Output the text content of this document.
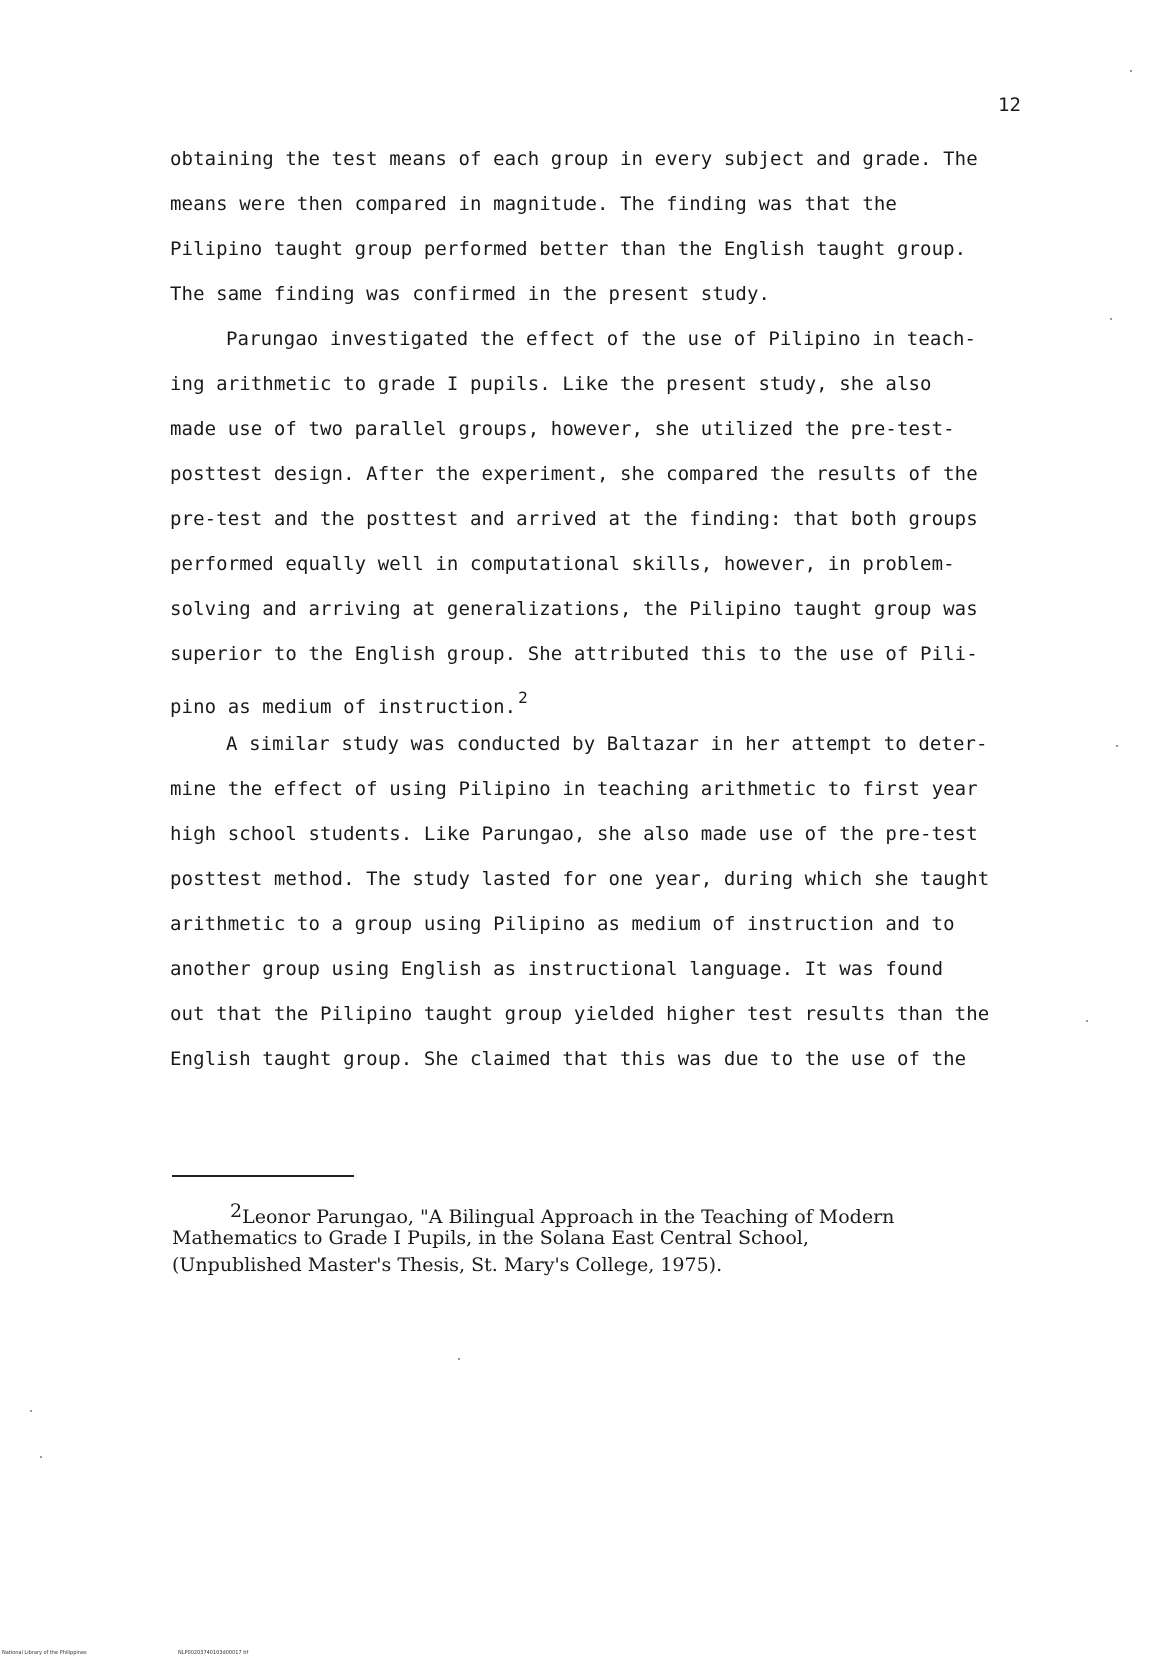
12
obtaining the test means of each group in every subject and grade. The
means were then compared in magnitude. The finding was that the
Pilipino taught group performed better than the English taught group.
The same finding was confirmed in the present study.
Parungao investigated the effect of the use of Pilipino in teach-
ing arithmetic to grade I pupils. Like the present study, she also
made use of two parallel groups, however, she utilized the pre-test-
posttest design. After the experiment, she compared the results of the
pre-test and the posttest and arrived at the finding: that both groups
performed equally well in computational skills, however, in problem-
solving and arriving at generalizations, the Pilipino taught group was
superior to the English group. She attributed this to the use of Pili-
pino as medium of instruction. $^2$
A similar study was conducted by Baltazar in her attempt to deter-
mine the effect of using Pilipino in teaching arithmetic to first year
high school students. Like Parungao, she also made use of the pre-test
posttest method. The study lasted for one year, during which she taught
arithmetic to a group using Pilipino as medium of instruction and to
another group using English as instructional language. It was found
out that the Pilipino taught group yielded higher test results than the
English taught group. She claimed that this was due to the use of the
2Leonor Parungao, "A Bilingual Approach in the Teaching of Modern
Mathematics to Grade I Pupils, in the Solana East Central School,
(Unpublished Master's Thesis, St. Mary's College, 1975).
National Library of the Philippines	NLP00203740103d00017 tif
